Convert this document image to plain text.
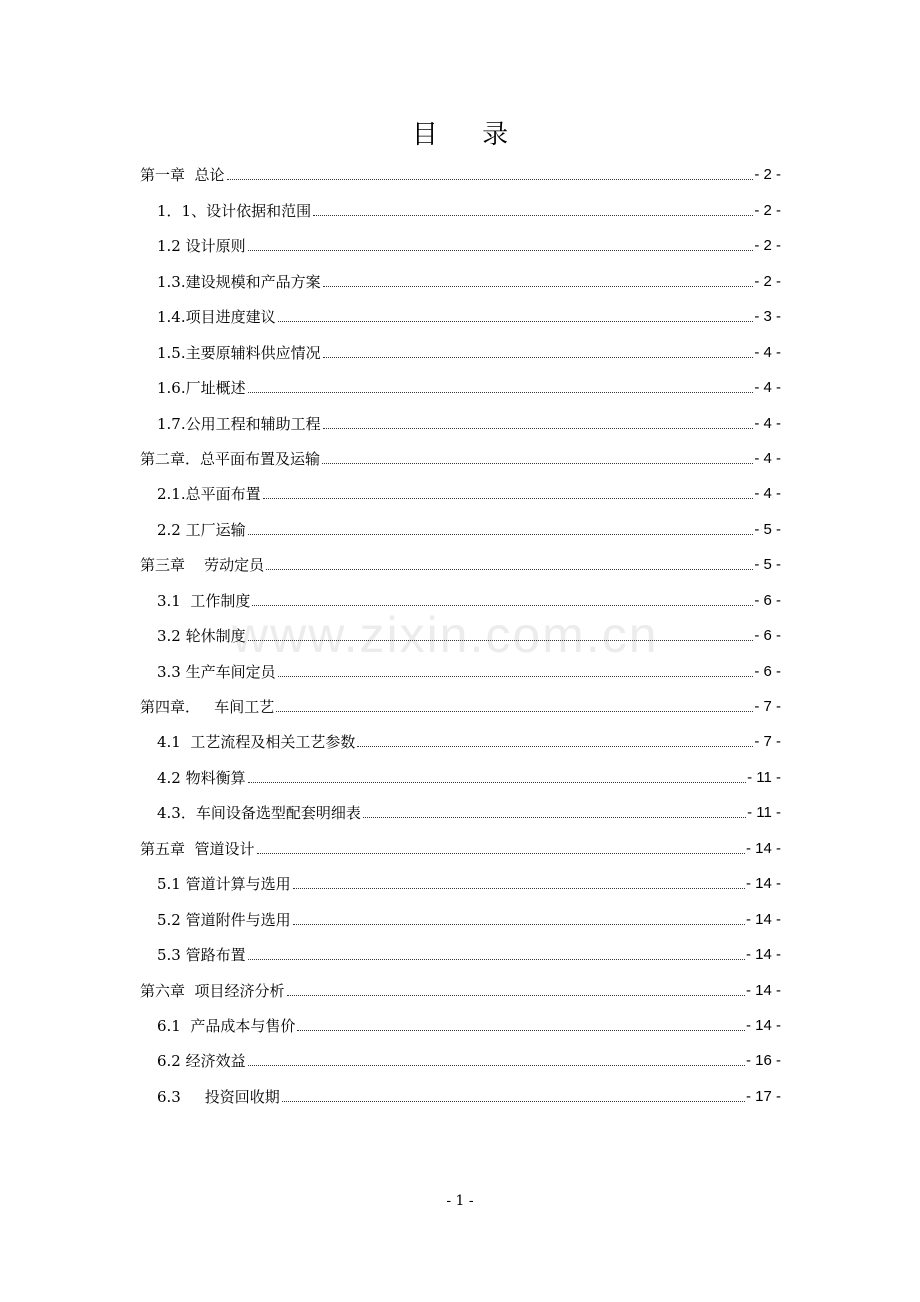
目 录
www.zixin.com.cn
第一章  总论	- 2 -
1．1、设计依据和范围	- 2 -
1.2 设计原则	- 2 -
1.3.建设规模和产品方案	- 2 -
1.4.项目进度建议	- 3 -
1.5.主要原辅料供应情况	- 4 -
1.6.厂址概述	- 4 -
1.7.公用工程和辅助工程	- 4 -
第二章．总平面布置及运输	- 4 -
2.1.总平面布置	- 4 -
2.2 工厂运输	- 5 -
第三章    劳动定员	- 5 -
3.1  工作制度	- 6 -
3.2 轮休制度	- 6 -
3.3 生产车间定员	- 6 -
第四章．   车间工艺	- 7 -
4.1  工艺流程及相关工艺参数	- 7 -
4.2 物料衡算	- 11 -
4.3．车间设备选型配套明细表	- 11 -
第五章  管道设计	- 14 -
5.1 管道计算与选用	- 14 -
5.2 管道附件与选用	- 14 -
5.3 管路布置	- 14 -
第六章  项目经济分析	- 14 -
6.1  产品成本与售价	- 14 -
6.2 经济效益	- 16 -
6.3     投资回收期	- 17 -
- 1 -
